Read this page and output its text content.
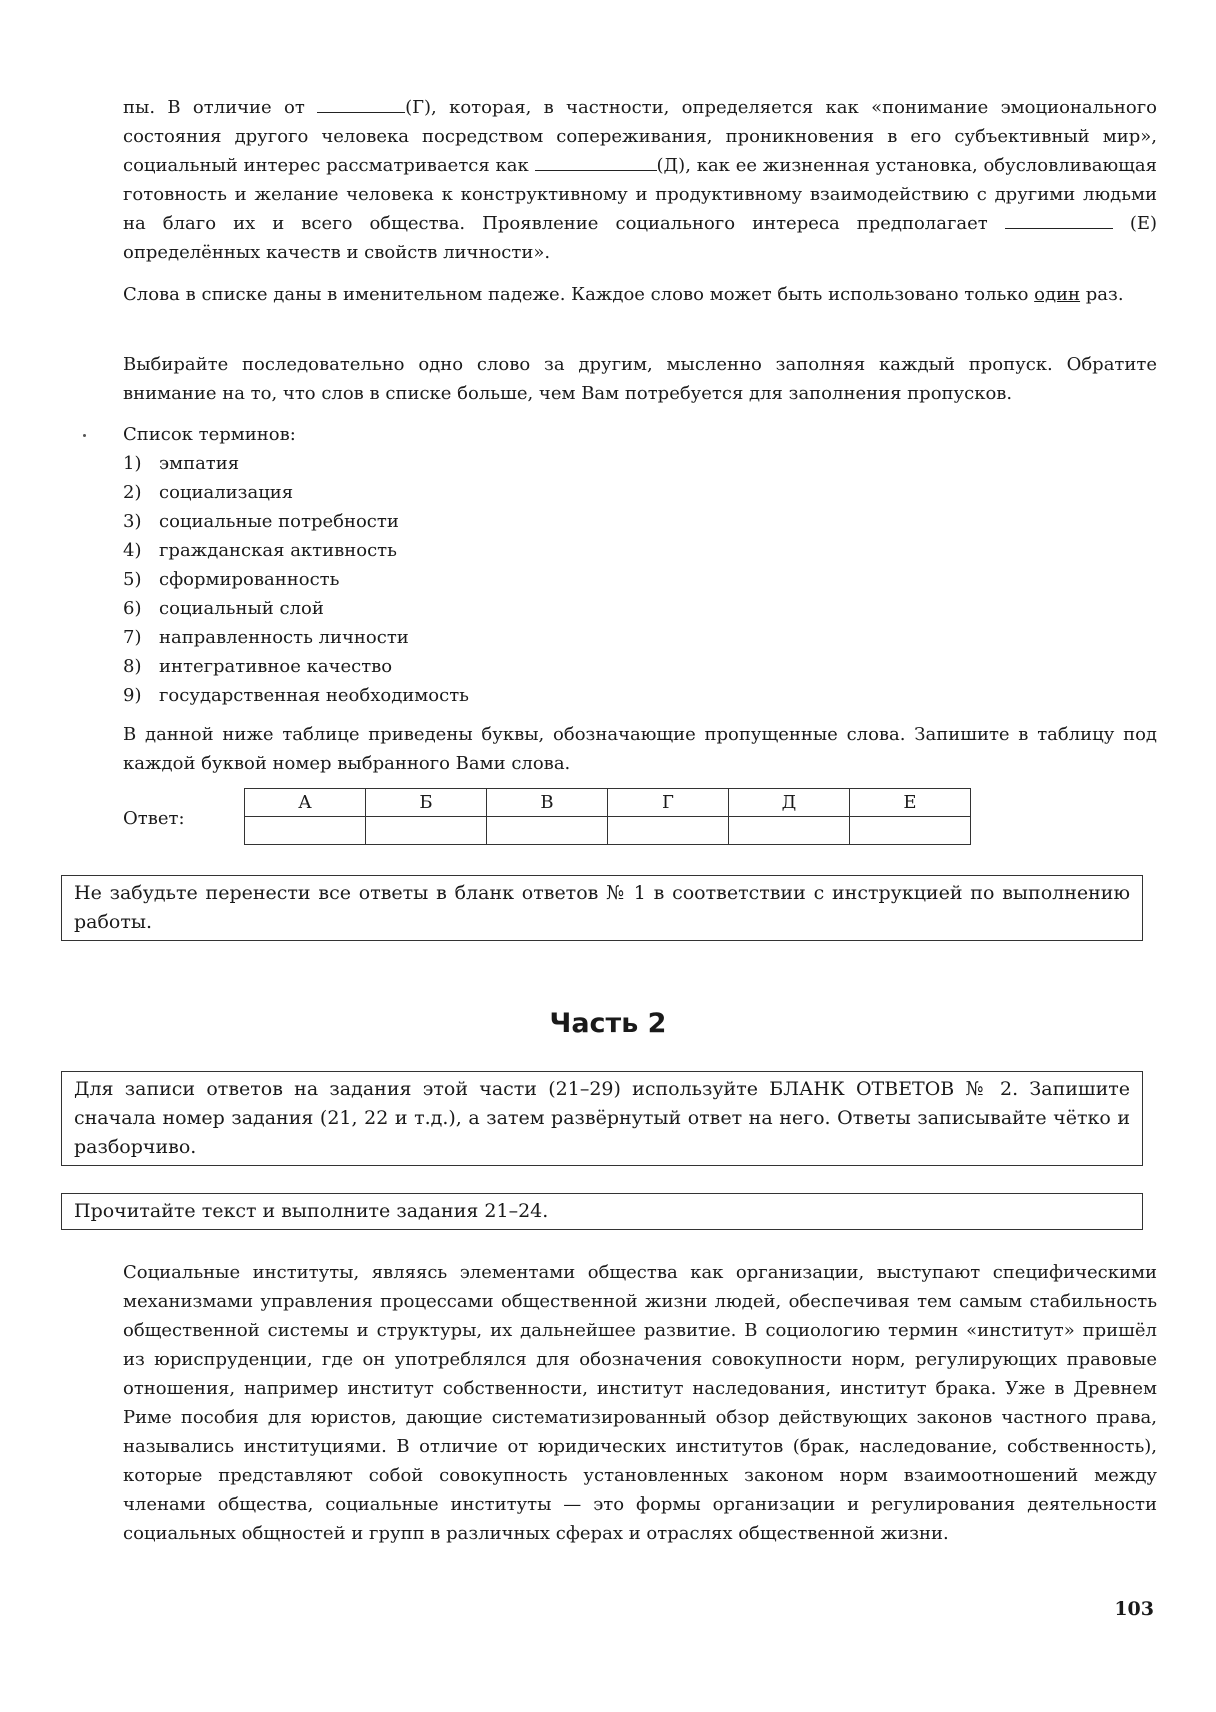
пы. В отличие от	(Г), которая, в частности, определяется как «понимание эмоционального состояния другого человека посредством сопереживания, проникновения в его субъективный мир», социальный интерес рассматривается как	(Д), как ее жизненная установка, обусловливающая готовность и желание человека к конструктивному и продуктивному взаимодействию с другими людьми на благо их и всего общества. Проявление социального интереса предполагает	(Е) определённых качеств и свойств личности».

Слова в списке даны в именительном падеже. Каждое слово может быть использовано только один раз.

Выбирайте последовательно одно слово за другим, мысленно заполняя каждый пропуск. Обратите внимание на то, что слов в списке больше, чем Вам потребуется для заполнения пропусков.

Список терминов:
1) эмпатия
2) социализация
3) социальные потребности
4) гражданская активность
5) сформированность
6) социальный слой
7) направленность личности
8) интегративное качество
9) государственная необходимость

В данной ниже таблице приведены буквы, обозначающие пропущенные слова. Запишите в таблицу под каждой буквой номер выбранного Вами слова.

Ответ:
А	Б	В	Г	Д	Е

Не забудьте перенести все ответы в бланк ответов № 1 в соответствии с инструкцией по выполнению работы.
Часть 2
Для записи ответов на задания этой части (21–29) используйте БЛАНК ОТВЕТОВ № 2. Запишите сначала номер задания (21, 22 и т.д.), а затем развёрнутый ответ на него. Ответы записывайте чётко и разборчиво.
Прочитайте текст и выполните задания 21–24.
Социальные институты, являясь элементами общества как организации, выступают специфическими механизмами управления процессами общественной жизни людей, обеспечивая тем самым стабильность общественной системы и структуры, их дальнейшее развитие. В социологию термин «институт» пришёл из юриспруденции, где он употреблялся для обозначения совокупности норм, регулирующих правовые отношения, например институт собственности, институт наследования, институт брака. Уже в Древнем Риме пособия для юристов, дающие систематизированный обзор действующих законов частного права, назывались институциями. В отличие от юридических институтов (брак, наследование, собственность), которые представляют собой совокупность установленных законом норм взаимоотношений между членами общества, социальные институты — это формы организации и регулирования деятельности социальных общностей и групп в различных сферах и отраслях общественной жизни.
103
